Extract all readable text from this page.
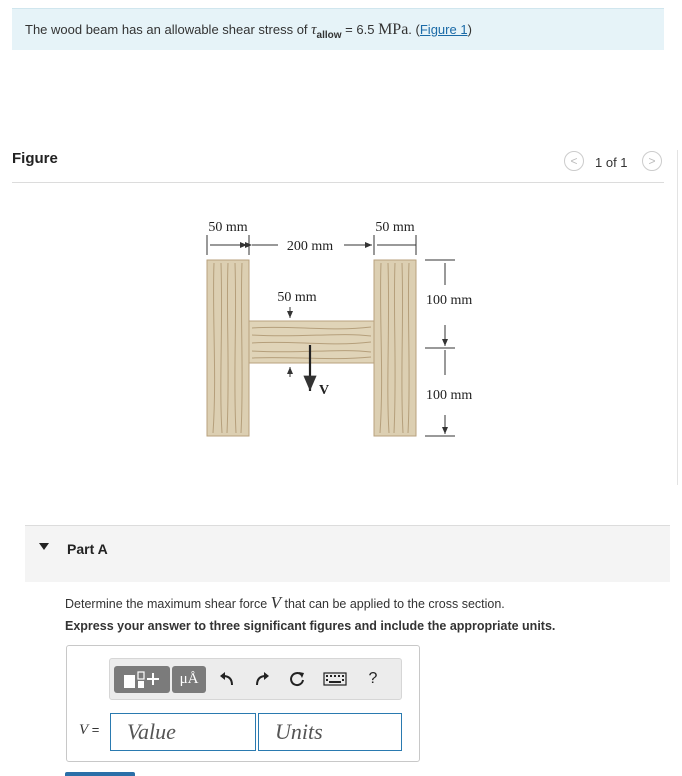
The wood beam has an allowable shear stress of $\tau_{allow} = 6.5$ MPa. (Figure 1)
Figure	<	1 of 1	>
50 mm	50 mm
200 mm
50 mm
V
100 mm
100 mm
Part A
Determine the maximum shear force V that can be applied to the cross section.
Express your answer to three significant figures and include the appropriate units.
μÅ	?
V =	Value	Units
